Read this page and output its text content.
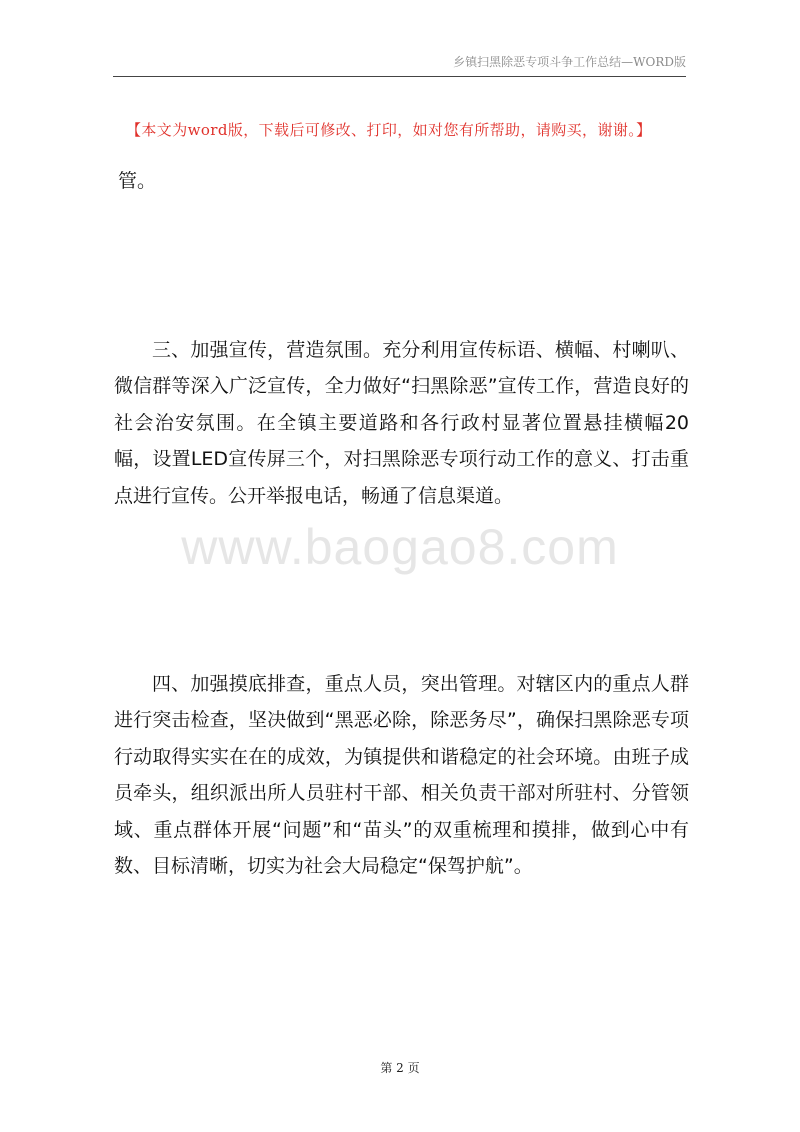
乡镇扫黑除恶专项斗争工作总结—WORD版
【本文为word版，下载后可修改、打印，如对您有所帮助，请购买，谢谢。】
管。

三、加强宣传，营造氛围。充分利用宣传标语、横幅、村喇叭、微信群等深入广泛宣传，全力做好“扫黑除恶”宣传工作，营造良好的社会治安氛围。在全镇主要道路和各行政村显著位置悬挂横幅20幅，设置LED宣传屏三个，对扫黑除恶专项行动工作的意义、打击重点进行宣传。公开举报电话，畅通了信息渠道。

www.baogao8.com

四、加强摸底排查，重点人员，突出管理。对辖区内的重点人群进行突击检查，坚决做到“黑恶必除，除恶务尽”，确保扫黑除恶专项行动取得实实在在的成效，为镇提供和谐稳定的社会环境。由班子成员牵头，组织派出所人员驻村干部、相关负责干部对所驻村、分管领域、重点群体开展“问题”和“苗头”的双重梳理和摸排，做到心中有数、目标清晰，切实为社会大局稳定“保驾护航”。

第 2 页
